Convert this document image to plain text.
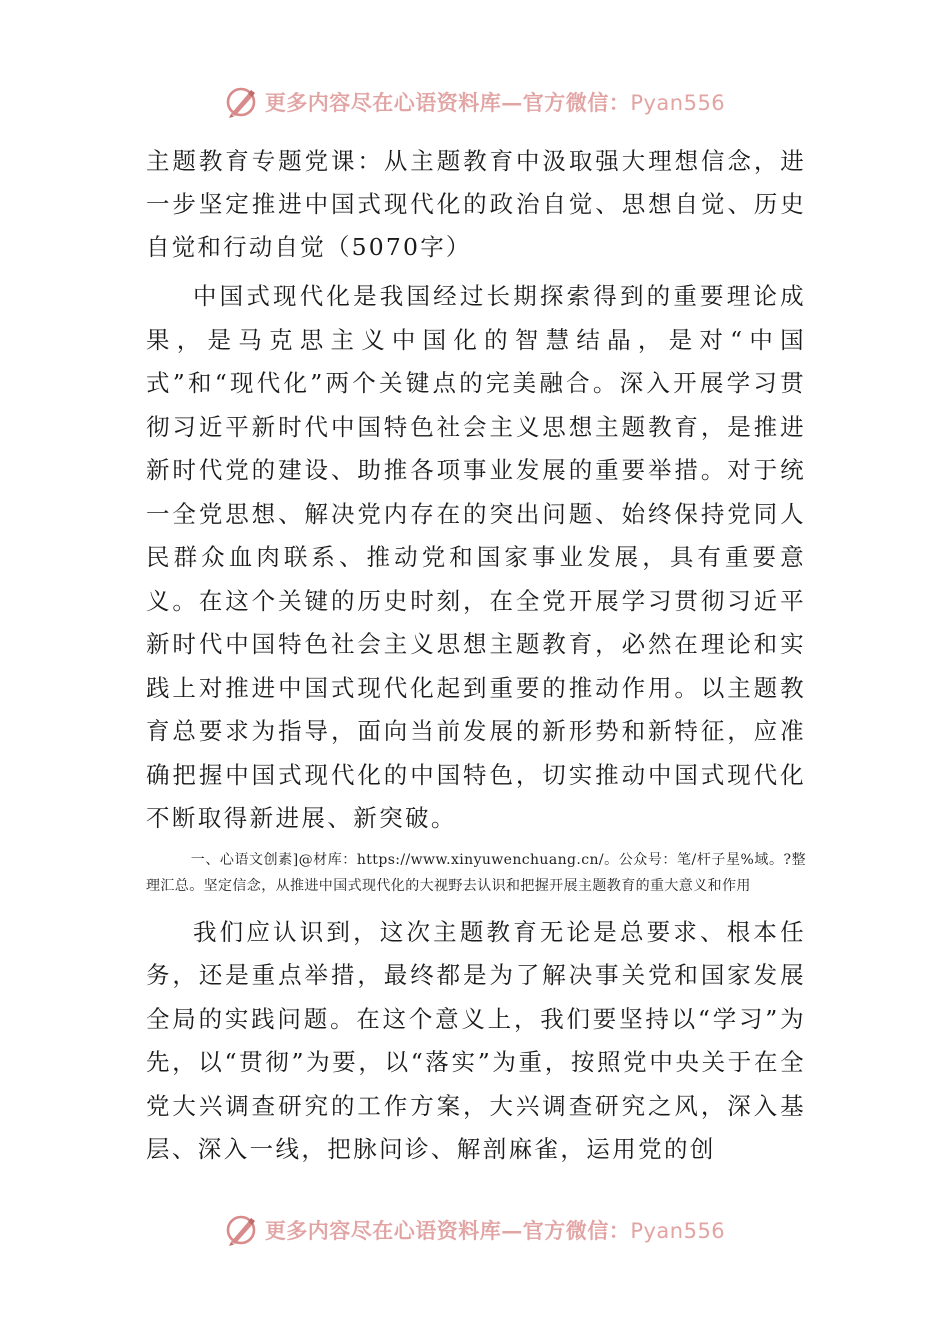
更多内容尽在心语资料库—官方微信：Pyan556
主题教育专题党课：从主题教育中汲取强大理想信念，进一步坚定推进中国式现代化的政治自觉、思想自觉、历史自觉和行动自觉（5070字）

中国式现代化是我国经过长期探索得到的重要理论成果，是马克思主义中国化的智慧结晶，是对“中国式”和“现代化”两个关键点的完美融合。深入开展学习贯彻习近平新时代中国特色社会主义思想主题教育，是推进新时代党的建设、助推各项事业发展的重要举措。对于统一全党思想、解决党内存在的突出问题、始终保持党同人民群众血肉联系、推动党和国家事业发展，具有重要意义。在这个关键的历史时刻，在全党开展学习贯彻习近平新时代中国特色社会主义思想主题教育，必然在理论和实践上对推进中国式现代化起到重要的推动作用。以主题教育总要求为指导，面向当前发展的新形势和新特征，应准确把握中国式现代化的中国特色，切实推动中国式现代化不断取得新进展、新突破。

一、心语文创素]@材库：https://www.xinyuwenchuang.cn/。公众号：笔/杆子星%域。?整理汇总。坚定信念，从推进中国式现代化的大视野去认识和把握开展主题教育的重大意义和作用

我们应认识到，这次主题教育无论是总要求、根本任务，还是重点举措，最终都是为了解决事关党和国家发展全局的实践问题。在这个意义上，我们要坚持以“学习”为先，以“贯彻”为要，以“落实”为重，按照党中央关于在全党大兴调查研究的工作方案，大兴调查研究之风，深入基层、深入一线，把脉问诊、解剖麻雀，运用党的创

更多内容尽在心语资料库—官方微信：Pyan556
